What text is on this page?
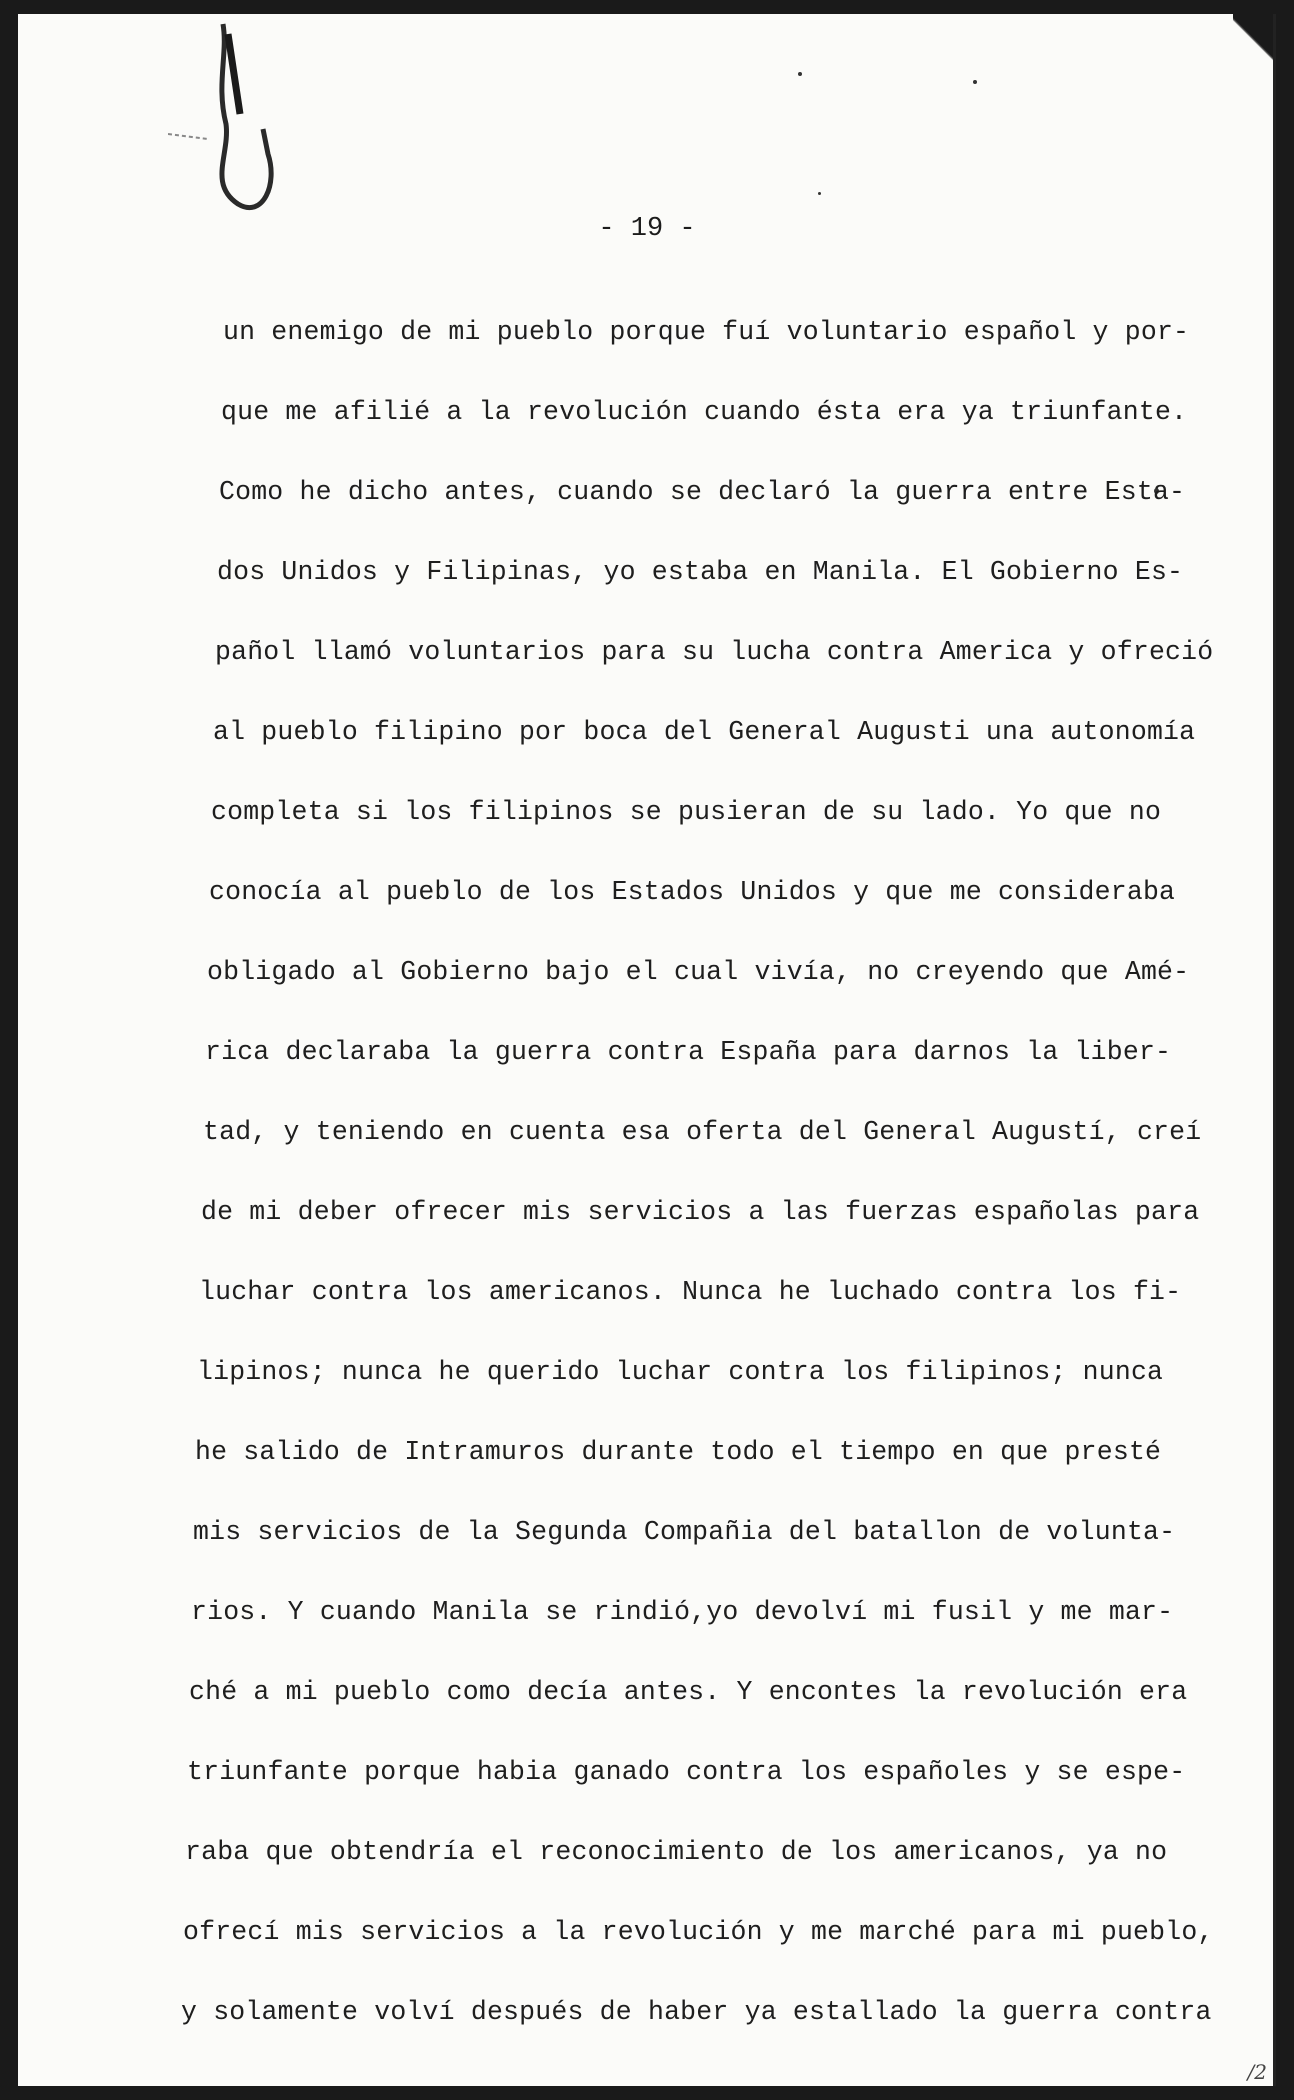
- 19 -
un enemigo de mi pueblo porque fuí voluntario español y por-
que me afilié a la revolución cuando ésta era ya triunfante.
Como he dicho antes, cuando se declaró la guerra entre Esta-
dos Unidos y Filipinas, yo estaba en Manila. El Gobierno Es-
pañol llamó voluntarios para su lucha contra America y ofreció
al pueblo filipino por boca del General Augusti una autonomía
completa si los filipinos se pusieran de su lado. Yo que no
conocía al pueblo de los Estados Unidos y que me consideraba
obligado al Gobierno bajo el cual vivía, no creyendo que Amé-
rica declaraba la guerra contra España para darnos la liber-
tad, y teniendo en cuenta esa oferta del General Augustí, creí
de mi deber ofrecer mis servicios a las fuerzas españolas para
luchar contra los americanos. Nunca he luchado contra los fi-
lipinos; nunca he querido luchar contra los filipinos; nunca
he salido de Intramuros durante todo el tiempo en que presté
mis servicios de la Segunda Compañia del batallon de volunta-
rios. Y cuando Manila se rindió,yo devolví mi fusil y me mar-
ché a mi pueblo como decía antes. Y encontes la revolución era
triunfante porque habia ganado contra los españoles y se espe-
raba que obtendría el reconocimiento de los americanos, ya no
ofrecí mis servicios a la revolución y me marché para mi pueblo,
y solamente volví después de haber ya estallado la guerra contra
/2
